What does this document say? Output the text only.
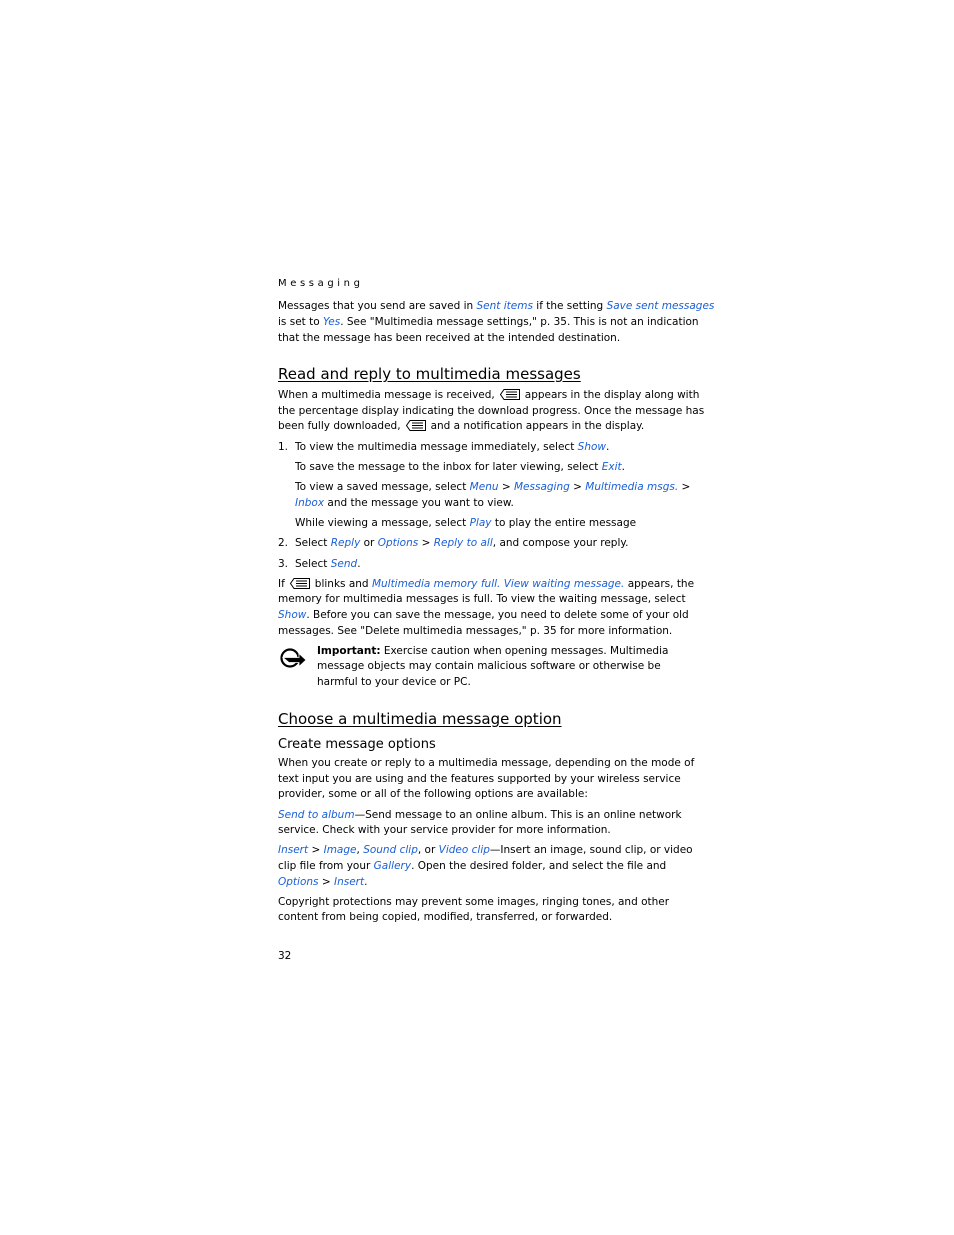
Messaging
Messages that you send are saved in Sent items if the setting Save sent messages
is set to Yes. See "Multimedia message settings," p. 35. This is not an indication
that the message has been received at the intended destination.
Read and reply to multimedia messages
When a multimedia message is received,	appears in the display along with
the percentage display indicating the download progress. Once the message has
been fully downloaded,	and a notification appears in the display.
1. To view the multimedia message immediately, select Show.
To save the message to the inbox for later viewing, select Exit.
To view a saved message, select Menu > Messaging > Multimedia msgs. >
Inbox and the message you want to view.
While viewing a message, select Play to play the entire message
2. Select Reply or Options > Reply to all, and compose your reply.
3. Select Send.
If	blinks and Multimedia memory full. View waiting message. appears, the
memory for multimedia messages is full. To view the waiting message, select
Show. Before you can save the message, you need to delete some of your old
messages. See "Delete multimedia messages," p. 35 for more information.
Important: Exercise caution when opening messages. Multimedia
message objects may contain malicious software or otherwise be
harmful to your device or PC.
Choose a multimedia message option
Create message options
When you create or reply to a multimedia message, depending on the mode of
text input you are using and the features supported by your wireless service
provider, some or all of the following options are available:
Send to album—Send message to an online album. This is an online network
service. Check with your service provider for more information.
Insert > Image, Sound clip, or Video clip—Insert an image, sound clip, or video
clip file from your Gallery. Open the desired folder, and select the file and
Options > Insert.
Copyright protections may prevent some images, ringing tones, and other
content from being copied, modified, transferred, or forwarded.
32
